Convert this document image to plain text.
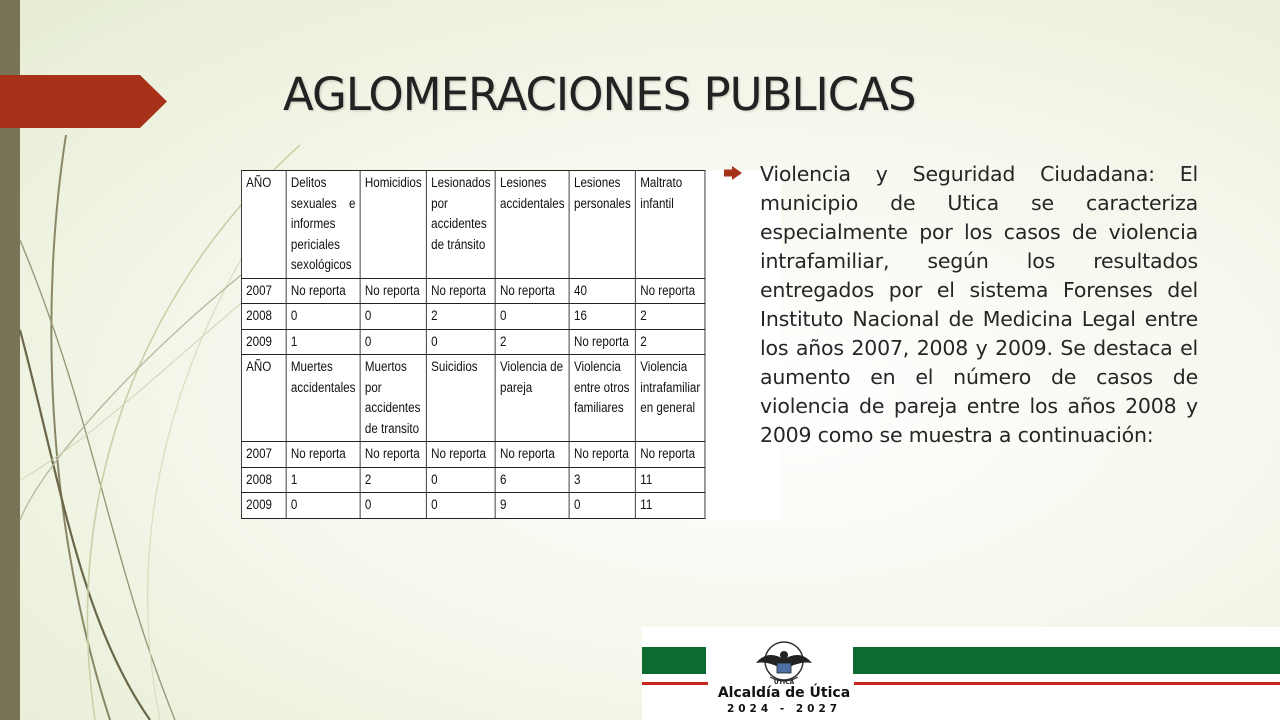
AGLOMERACIONES PUBLICAS
AÑO	Delitos sexuales e informes periciales sexológicos	Homicidios	Lesionados por accidentes de tránsito	Lesiones accidentales	Lesiones personales	Maltrato infantil
2007	No reporta	No reporta	No reporta	No reporta	40	No reporta
2008	0	0	2	0	16	2
2009	1	0	0	2	No reporta	2
AÑO	Muertes accidentales	Muertos por accidentes de transito	Suicidios	Violencia de pareja	Violencia entre otros familiares	Violencia intrafamiliar en general
2007	No reporta	No reporta	No reporta	No reporta	No reporta	No reporta
2008	1	2	0	6	3	11
2009	0	0	0	9	0	11

Violencia y Seguridad Ciudadana: El municipio de Utica se caracteriza especialmente por los casos de violencia intrafamiliar, según los resultados entregados por el sistema Forenses del Instituto Nacional de Medicina Legal entre los años 2007, 2008 y 2009. Se destaca el aumento en el número de casos de violencia de pareja entre los años 2008 y 2009 como se muestra a continuación:

UTICA
Alcaldía de Útica
2024 - 2027
